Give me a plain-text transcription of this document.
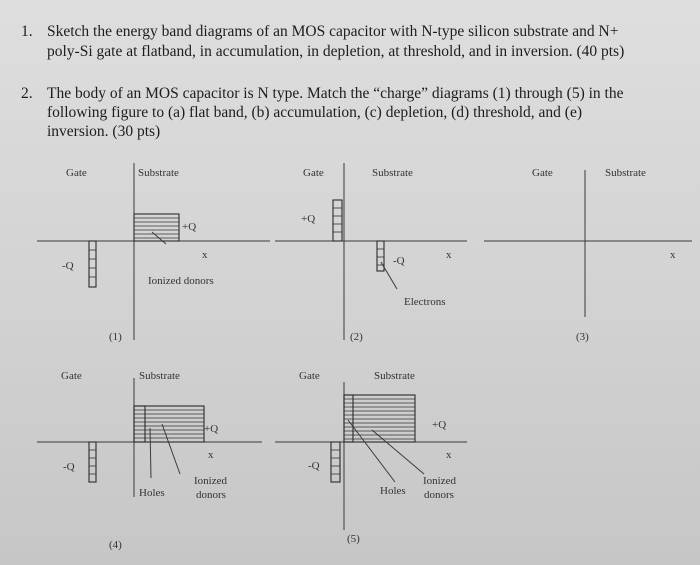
1. Sketch the energy band diagrams of an MOS capacitor with N-type silicon substrate and N+
poly-Si gate at flatband, in accumulation, in depletion, at threshold, and in inversion. (40 pts)
2. The body of an MOS capacitor is N type. Match the “charge” diagrams (1) through (5) in the
following figure to (a) flat band, (b) accumulation, (c) depletion, (d) threshold, and (e)
inversion. (30 pts)
Gate	Substrate
+Q
-Q
x
Ionized donors
(1)
Gate	Substrate
+Q
-Q	x
Electrons
(2)
Gate	Substrate
x
(3)
Gate	Substrate
+Q
-Q
x
Holes
Ionized
donors
(4)
Gate	Substrate
+Q
-Q
x
Holes
Ionized
donors
(5)
